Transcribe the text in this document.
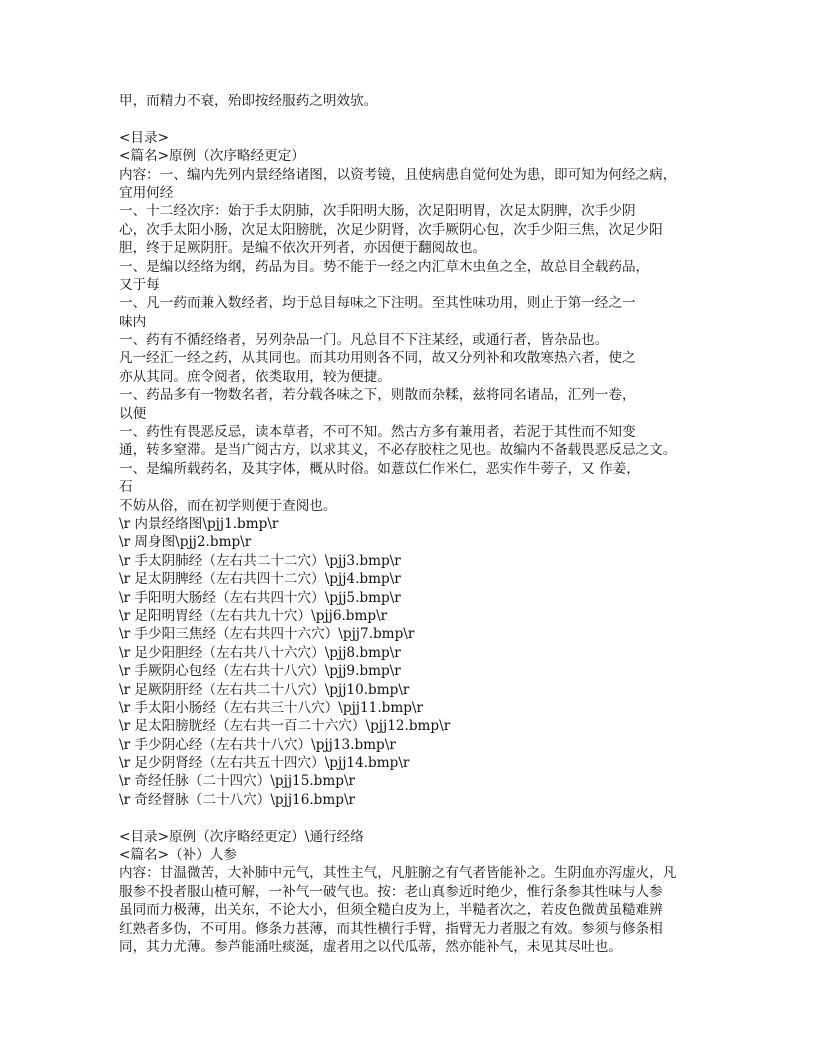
甲，而精力不衰，殆即按经服药之明效欤。
<目录>
<篇名>原例（次序略经更定）
内容：一、编内先列内景经络诸图，以资考镜，且使病患自觉何处为患，即可知为何经之病，
宜用何经
一、十二经次序：始于手太阴肺，次手阳明大肠，次足阳明胃，次足太阴脾，次手少阴
心，次手太阳小肠，次足太阳膀胱，次足少阴肾，次手厥阴心包，次手少阳三焦，次足少阳
胆，终于足厥阴肝。是编不依次开列者，亦因便于翻阅故也。
一、是编以经络为纲，药品为目。势不能于一经之内汇草木虫鱼之全，故总目全载药品，
又于每
一、凡一药而兼入数经者，均于总目每味之下注明。至其性味功用，则止于第一经之一
味内
一、药有不循经络者，另列杂品一门。凡总目不下注某经，或通行者，皆杂品也。
凡一经汇一经之药，从其同也。而其功用则各不同，故又分列补和攻散寒热六者，使之
亦从其同。庶令阅者，依类取用，较为便捷。
一、药品多有一物数名者，若分载各味之下，则散而杂糅，兹将同名诸品，汇列一卷，
以便
一、药性有畏恶反忌，读本草者，不可不知。然古方多有兼用者，若泥于其性而不知变
通，转多窒滞。是当广阅古方，以求其义，不必存胶柱之见也。故编内不备载畏恶反忌之文。
一、是编所载药名，及其字体，概从时俗。如薏苡仁作米仁，恶实作牛蒡子，又 作姜，
石
不妨从俗，而在初学则便于查阅也。
\r 内景经络图\pjj1.bmp\r
\r 周身图\pjj2.bmp\r
\r 手太阴肺经（左右共二十二穴）\pjj3.bmp\r
\r 足太阴脾经（左右共四十二穴）\pjj4.bmp\r
\r 手阳明大肠经（左右共四十穴）\pjj5.bmp\r
\r 足阳明胃经（左右共九十穴）\pjj6.bmp\r
\r 手少阳三焦经（左右共四十六穴）\pjj7.bmp\r
\r 足少阳胆经（左右共八十六穴）\pjj8.bmp\r
\r 手厥阴心包经（左右共十八穴）\pjj9.bmp\r
\r 足厥阴肝经（左右共二十八穴）\pjj10.bmp\r
\r 手太阳小肠经（左右共三十八穴）\pjj11.bmp\r
\r 足太阳膀胱经（左右共一百二十六穴）\pjj12.bmp\r
\r 手少阴心经（左右共十八穴）\pjj13.bmp\r
\r 足少阴肾经（左右共五十四穴）\pjj14.bmp\r
\r 奇经任脉（二十四穴）\pjj15.bmp\r
\r 奇经督脉（二十八穴）\pjj16.bmp\r
<目录>原例（次序略经更定）\通行经络
<篇名>（补）人参
内容：甘温微苦，大补肺中元气，其性主气，凡脏腑之有气者皆能补之。生阴血亦泻虚火，凡
服参不投者服山楂可解，一补气一破气也。按：老山真参近时绝少，惟行条参其性味与人参
虽同而力极薄，出关东，不论大小，但须全糙白皮为上，半糙者次之，若皮色微黄虽糙难辨
红熟者多伪，不可用。修条力甚薄，而其性横行手臂，指臂无力者服之有效。参须与修条相
同，其力尤薄。参芦能涌吐痰涎，虚者用之以代瓜蒂，然亦能补气，未见其尽吐也。
